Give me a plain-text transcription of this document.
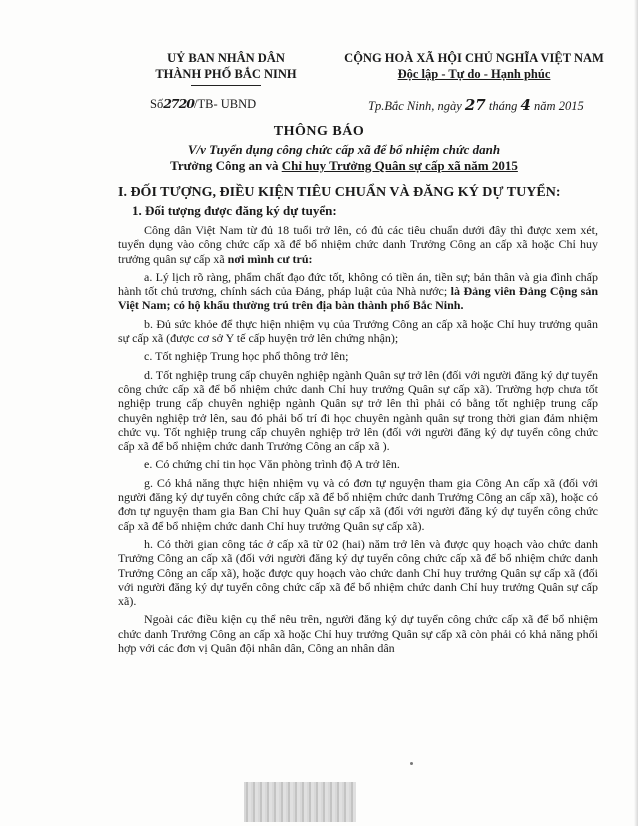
UỶ BAN NHÂN DÂN
THÀNH PHỐ BẮC NINH
CỘNG HOÀ XÃ HỘI CHỦ NGHĨA VIỆT NAM
Độc lập - Tự do - Hạnh phúc
Số2720/TB- UBND	Tp.Bắc Ninh, ngày 27 tháng 4 năm 2015
THÔNG BÁO
V/v Tuyển dụng công chức cấp xã để bổ nhiệm chức danh
Trưởng Công an và Chỉ huy Trưởng Quân sự cấp xã năm 2015
I. ĐỐI TƯỢNG, ĐIỀU KIỆN TIÊU CHUẨN VÀ ĐĂNG KÝ DỰ TUYỂN:
1. Đối tượng được đăng ký dự tuyển:

Công dân Việt Nam từ đủ 18 tuổi trở lên, có đủ các tiêu chuẩn dưới đây thì được xem xét, tuyển dụng vào công chức cấp xã để bổ nhiệm chức danh Trưởng Công an cấp xã hoặc Chỉ huy trưởng quân sự cấp xã nơi mình cư trú:

a. Lý lịch rõ ràng, phẩm chất đạo đức tốt, không có tiền án, tiền sự; bản thân và gia đình chấp hành tốt chủ trương, chính sách của Đảng, pháp luật của Nhà nước; là Đảng viên Đảng Cộng sản Việt Nam; có hộ khẩu thường trú trên địa bàn thành phố Bắc Ninh.

b. Đủ sức khỏe để thực hiện nhiệm vụ của Trưởng Công an cấp xã hoặc Chỉ huy trưởng quân sự cấp xã (được cơ sở Y tế cấp huyện trở lên chứng nhận);

c. Tốt nghiệp Trung học phổ thông trở lên;

d. Tốt nghiệp trung cấp chuyên nghiệp ngành Quân sự trở lên (đối với người đăng ký dự tuyển công chức cấp xã để bổ nhiệm chức danh Chỉ huy trưởng Quân sự cấp xã). Trường hợp chưa tốt nghiệp trung cấp chuyên nghiệp ngành Quân sự trở lên thì phải có bằng tốt nghiệp trung cấp chuyên nghiệp trở lên, sau đó phải bố trí đi học chuyên ngành quân sự trong thời gian đảm nhiệm chức vụ. Tốt nghiệp trung cấp chuyên nghiệp trở lên (đối với người đăng ký dự tuyển công chức cấp xã để bổ nhiệm chức danh Trưởng Công an cấp xã ).

e. Có chứng chỉ tin học Văn phòng trình độ A trở lên.

g. Có khả năng thực hiện nhiệm vụ và có đơn tự nguyện tham gia Công An cấp xã (đối với người đăng ký dự tuyển công chức cấp xã để bổ nhiệm chức danh Trưởng Công an cấp xã), hoặc có đơn tự nguyện tham gia Ban Chỉ huy Quân sự cấp xã (đối với người đăng ký dự tuyển công chức cấp xã để bổ nhiệm chức danh Chỉ huy trưởng Quân sự cấp xã).

h. Có thời gian công tác ở cấp xã từ 02 (hai) năm trở lên và được quy hoạch vào chức danh Trưởng Công an cấp xã (đối với người đăng ký dự tuyển công chức cấp xã để bổ nhiệm chức danh Trưởng Công an cấp xã), hoặc được quy hoạch vào chức danh Chỉ huy trưởng Quân sự cấp xã (đối với người đăng ký dự tuyển công chức cấp xã để bổ nhiệm chức danh Chỉ huy trưởng Quân sự cấp xã).

Ngoài các điều kiện cụ thể nêu trên, người đăng ký dự tuyển công chức cấp xã để bổ nhiệm chức danh Trưởng Công an cấp xã hoặc Chỉ huy trưởng Quân sự cấp xã còn phải có khả năng phối hợp với các đơn vị Quân đội nhân dân, Công an nhân dân
